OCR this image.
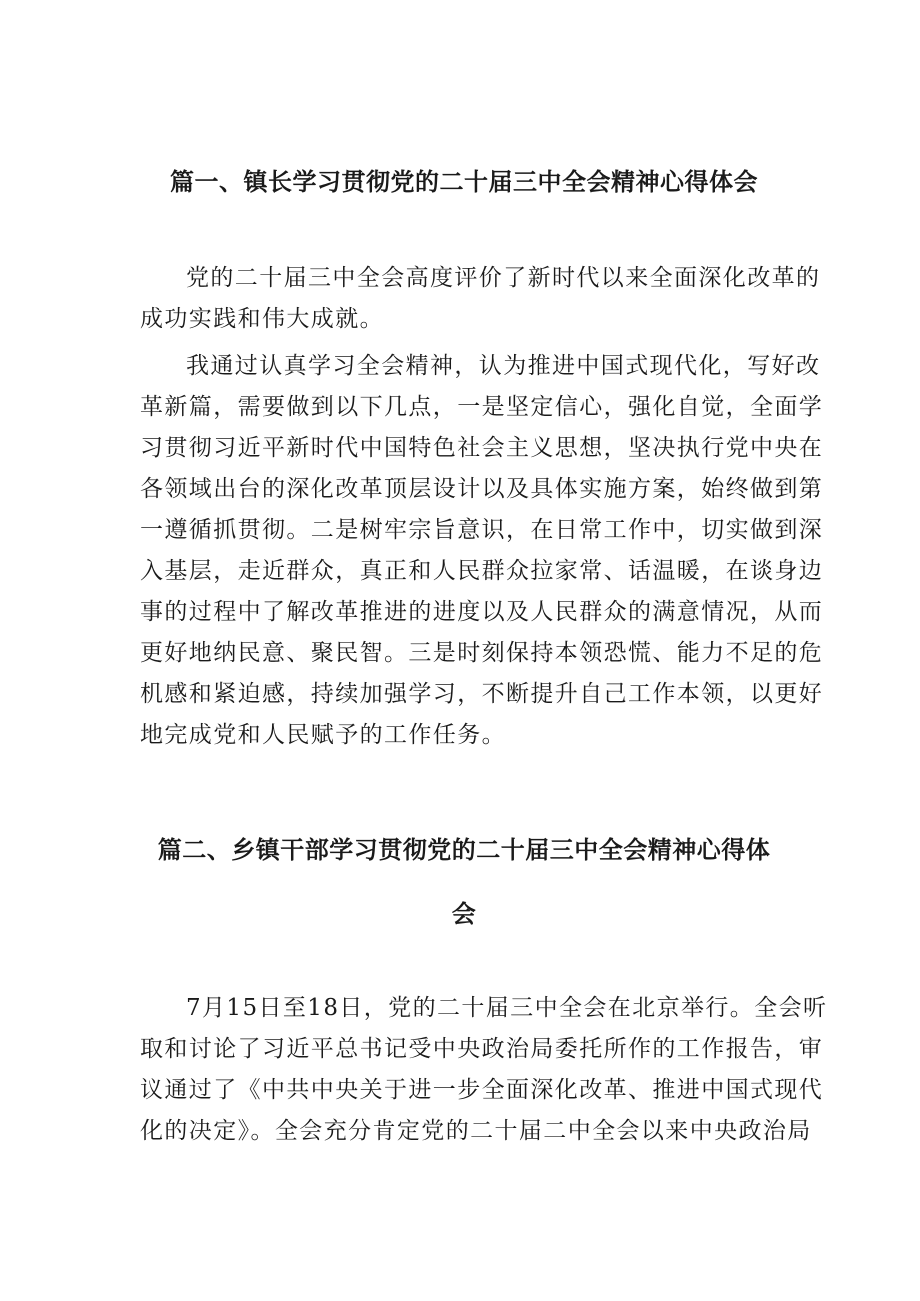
篇一、镇长学习贯彻党的二十届三中全会精神心得体会
党的二十届三中全会高度评价了新时代以来全面深化改革的
成功实践和伟大成就。
我通过认真学习全会精神，认为推进中国式现代化，写好改
革新篇，需要做到以下几点，一是坚定信心，强化自觉，全面学
习贯彻习近平新时代中国特色社会主义思想，坚决执行党中央在
各领域出台的深化改革顶层设计以及具体实施方案，始终做到第
一遵循抓贯彻。二是树牢宗旨意识，在日常工作中，切实做到深
入基层，走近群众，真正和人民群众拉家常、话温暖，在谈身边
事的过程中了解改革推进的进度以及人民群众的满意情况，从而
更好地纳民意、聚民智。三是时刻保持本领恐慌、能力不足的危
机感和紧迫感，持续加强学习，不断提升自己工作本领，以更好
地完成党和人民赋予的工作任务。
篇二、乡镇干部学习贯彻党的二十届三中全会精神心得体
会
7月15日至18日，党的二十届三中全会在北京举行。全会听
取和讨论了习近平总书记受中央政治局委托所作的工作报告，审
议通过了《中共中央关于进一步全面深化改革、推进中国式现代
化的决定》。全会充分肯定党的二十届二中全会以来中央政治局
